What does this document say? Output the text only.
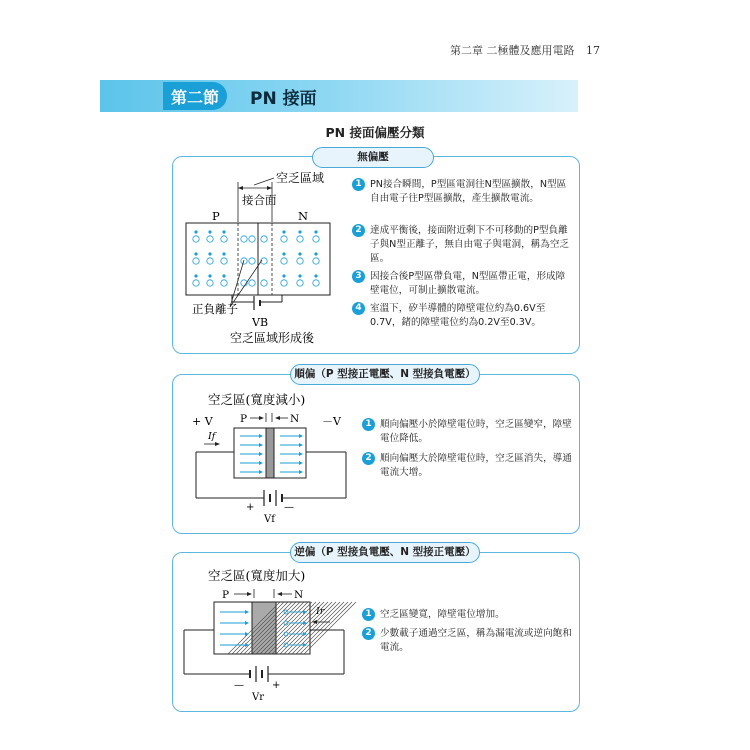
第二章 二極體及應用電路 17
第二節	PN 接面
PN 接面偏壓分類
無偏壓
空乏區域
接合面
P	N
正負離子
VB
空乏區域形成後
1 PN接合瞬間，P型區電洞往N型區擴散，N型區自由電子往P型區擴散，產生擴散電流。
2 達成平衡後，接面附近剩下不可移動的P型負離子與N型正離子，無自由電子與電洞，稱為空乏區。
3 因接合後P型區帶負電，N型區帶正電，形成障壁電位，可制止擴散電流。
4 室溫下，矽半導體的障壁電位約為0.6V至0.7V，鍺的障壁電位約為0.2V至0.3V。
順偏（P 型接正電壓、N 型接負電壓）
空乏區(寬度減小)
+ V	－V
P	N
If
+	—
Vf
1 順向偏壓小於障壁電位時，空乏區變窄，障壁電位降低。
2 順向偏壓大於障壁電位時，空乏區消失，導通電流大增。
逆偏（P 型接負電壓、N 型接正電壓）
空乏區(寬度加大)
P	N
Ir
—	+
Vr
1 空乏區變寬，障壁電位增加。
2 少數載子通過空乏區，稱為漏電流或逆向飽和電流。
